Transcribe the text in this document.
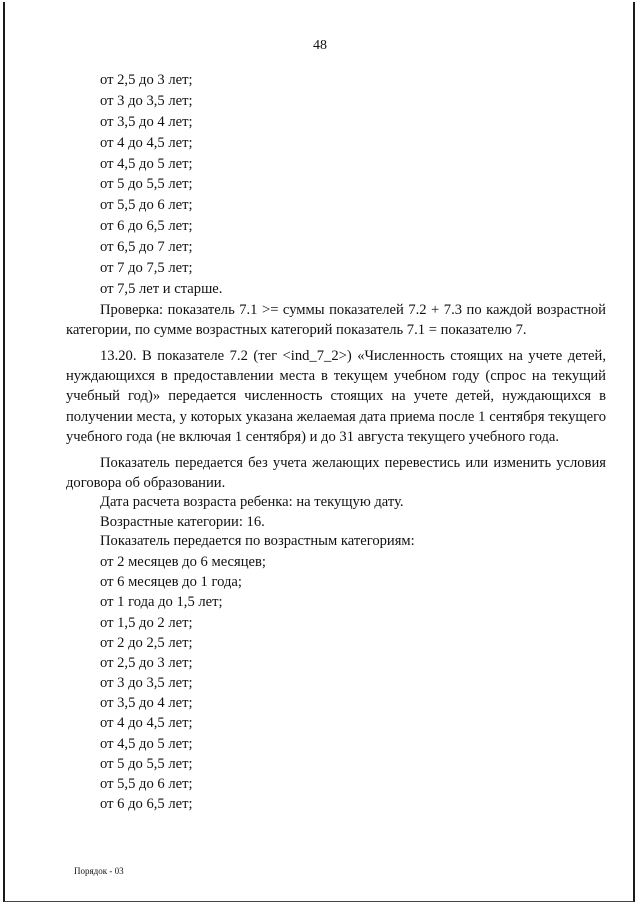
48
от 2,5 до 3 лет;
от 3 до 3,5 лет;
от 3,5 до 4 лет;
от 4 до 4,5 лет;
от 4,5 до 5 лет;
от 5 до 5,5 лет;
от 5,5 до 6 лет;
от 6 до 6,5 лет;
от 6,5 до 7 лет;
от 7 до 7,5 лет;
от 7,5 лет и старше.

Проверка: показатель 7.1 >= суммы показателей 7.2 + 7.3 по каждой возрастной категории, по сумме возрастных категорий показатель 7.1 = показателю 7.

13.20. В показателе 7.2 (тег <ind_7_2>) «Численность стоящих на учете детей, нуждающихся в предоставлении места в текущем учебном году (спрос на текущий учебный год)» передается численность стоящих на учете детей, нуждающихся в получении места, у которых указана желаемая дата приема после 1 сентября текущего учебного года (не включая 1 сентября) и до 31 августа текущего учебного года.

Показатель передается без учета желающих перевестись или изменить условия договора об образовании.

Дата расчета возраста ребенка: на текущую дату.

Возрастные категории: 16.

Показатель передается по возрастным категориям:

от 2 месяцев до 6 месяцев;
от 6 месяцев до 1 года;
от 1 года до 1,5 лет;
от 1,5 до 2 лет;
от 2 до 2,5 лет;
от 2,5 до 3 лет;
от 3 до 3,5 лет;
от 3,5 до 4 лет;
от 4 до 4,5 лет;
от 4,5 до 5 лет;
от 5 до 5,5 лет;
от 5,5 до 6 лет;
от 6 до 6,5 лет;
Порядок - 03
